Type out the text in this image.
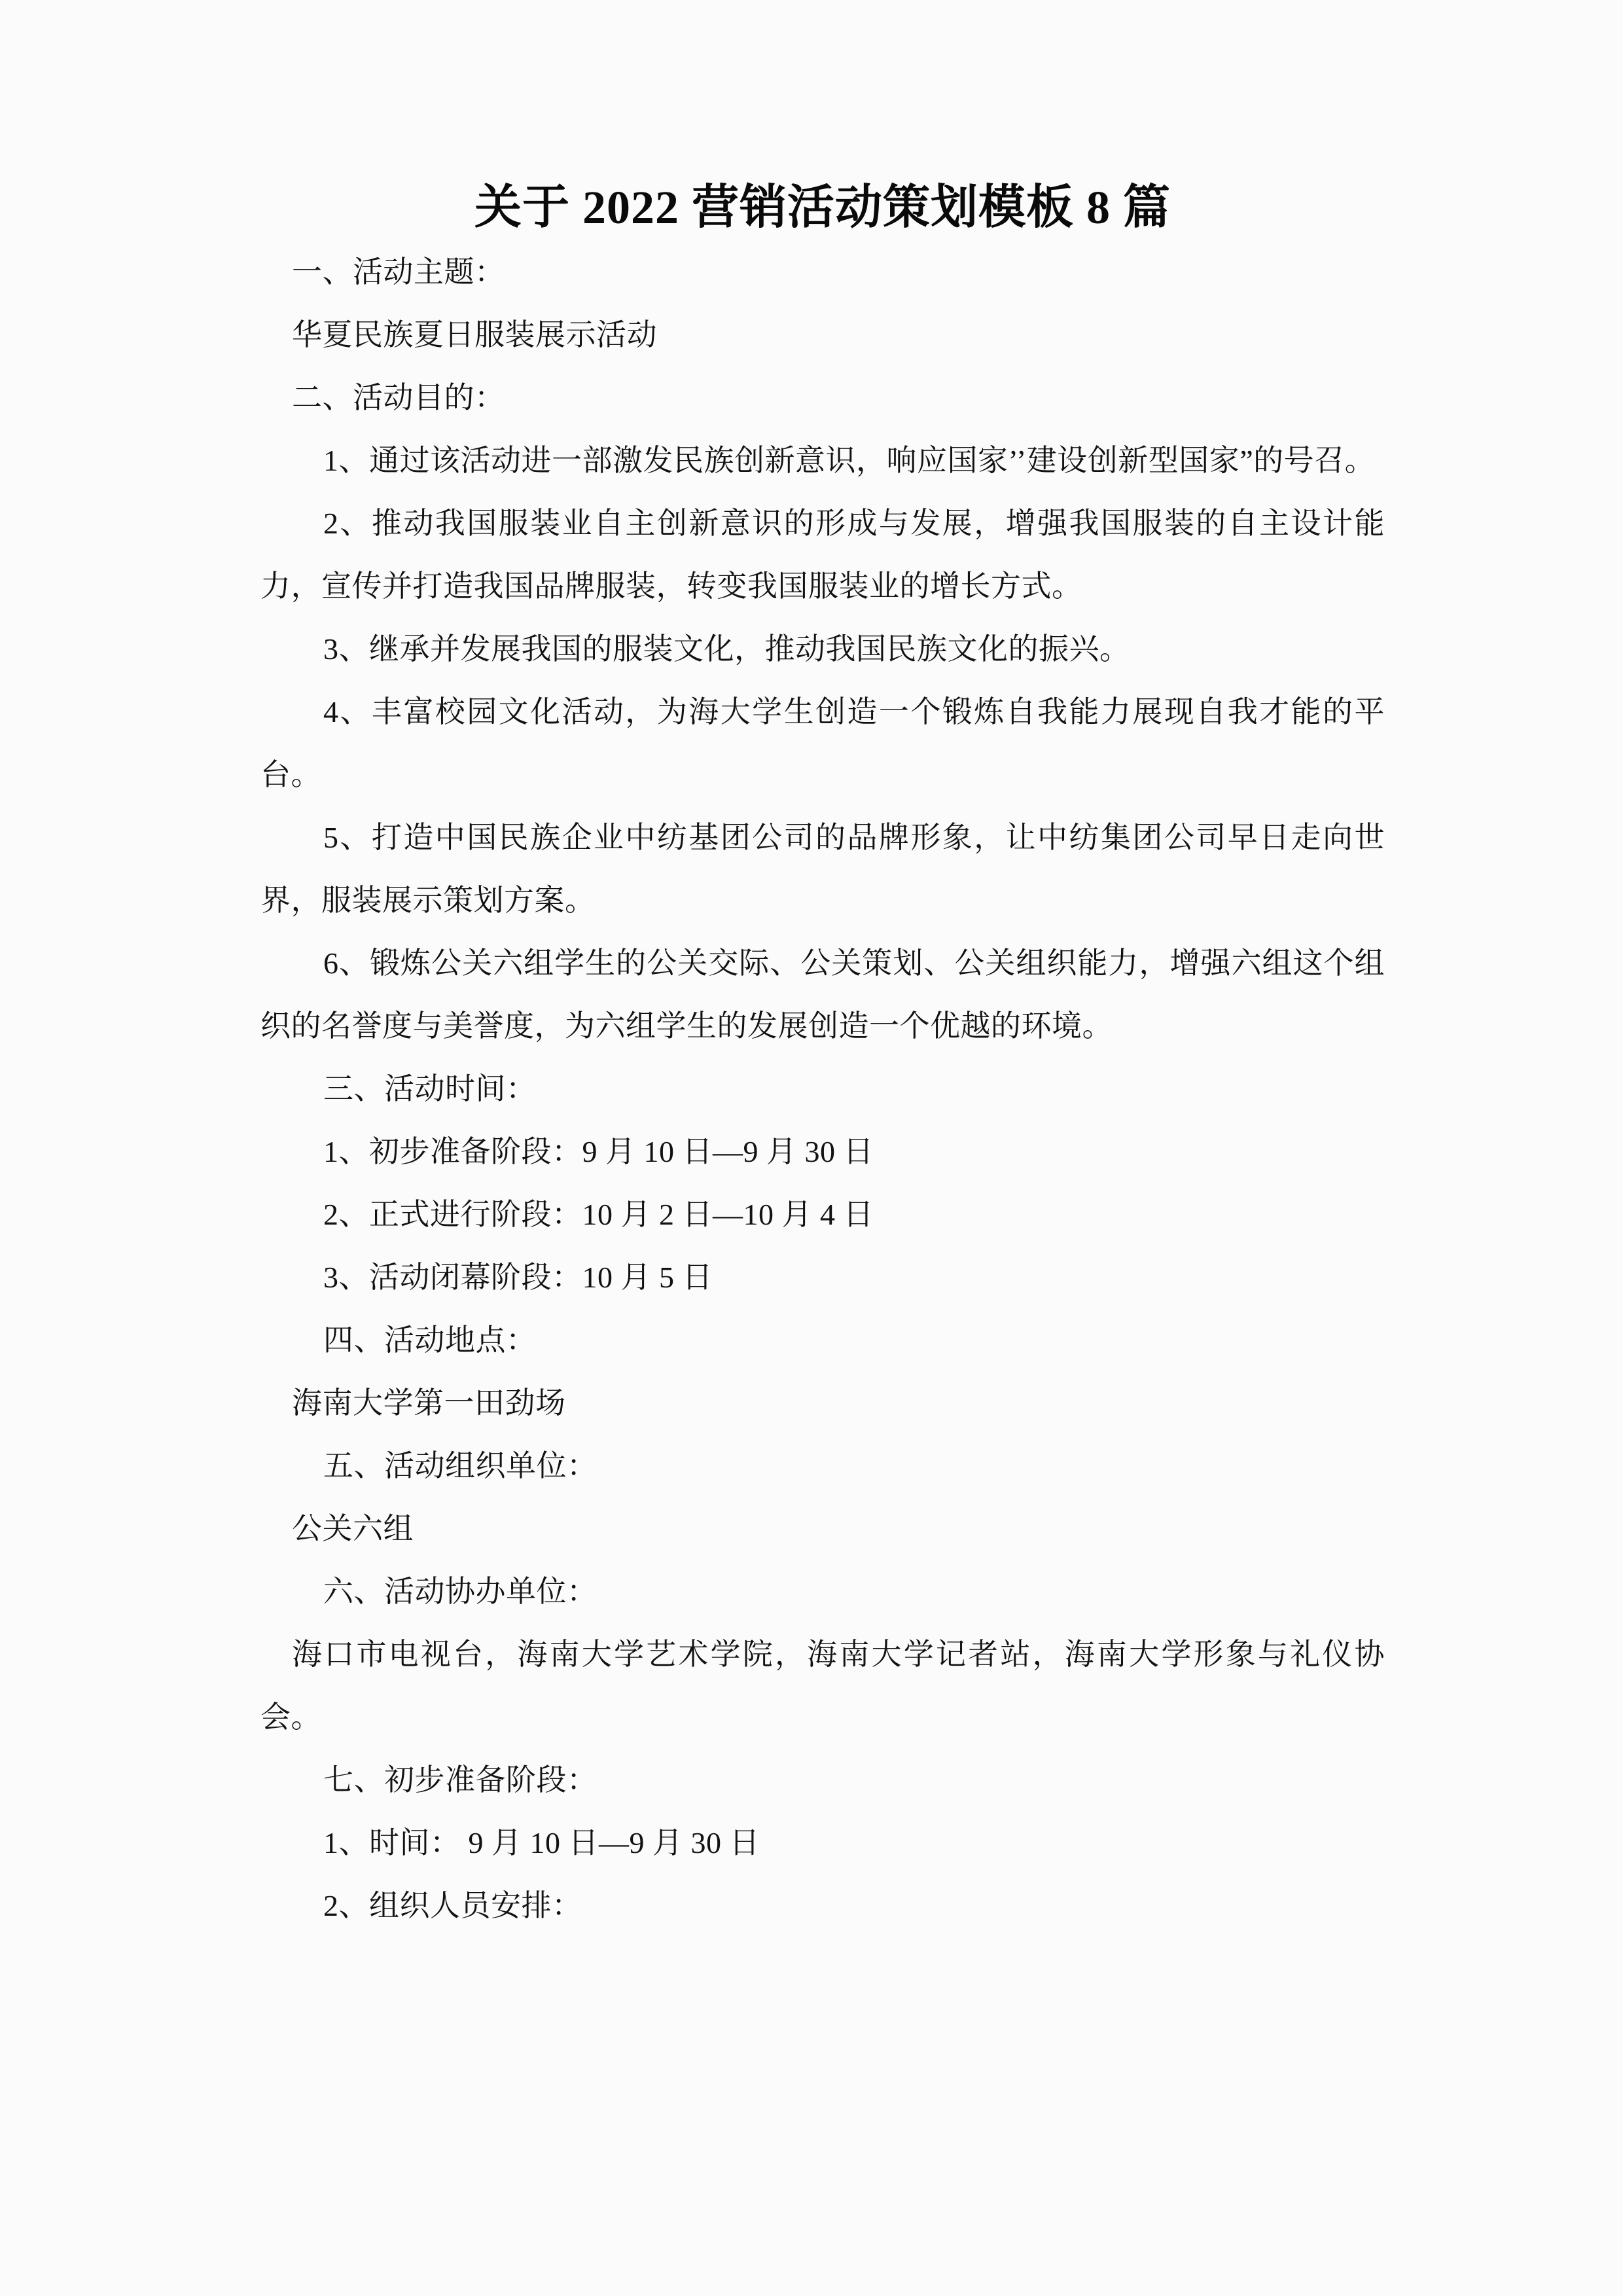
关于 2022 营销活动策划模板 8 篇

一、活动主题：

华夏民族夏日服装展示活动

二、活动目的：

1、通过该活动进一部激发民族创新意识，响应国家’’建设创新型国家”的号召。

2、推动我国服装业自主创新意识的形成与发展，增强我国服装的自主设计能力，宣传并打造我国品牌服装，转变我国服装业的增长方式。

3、继承并发展我国的服装文化，推动我国民族文化的振兴。

4、丰富校园文化活动，为海大学生创造一个锻炼自我能力展现自我才能的平台。

5、打造中国民族企业中纺基团公司的品牌形象，让中纺集团公司早日走向世界，服装展示策划方案。

6、锻炼公关六组学生的公关交际、公关策划、公关组织能力，增强六组这个组织的名誉度与美誉度，为六组学生的发展创造一个优越的环境。

三、活动时间：

1、初步准备阶段：9 月 10 日—9 月 30 日

2、正式进行阶段：10 月 2 日—10 月 4 日

3、活动闭幕阶段：10 月 5 日

四、活动地点：

海南大学第一田劲场

五、活动组织单位：

公关六组

六、活动协办单位：

海口市电视台，海南大学艺术学院，海南大学记者站，海南大学形象与礼仪协会。

七、初步准备阶段：

1、时间： 9 月 10 日—9 月 30 日

2、组织人员安排：
